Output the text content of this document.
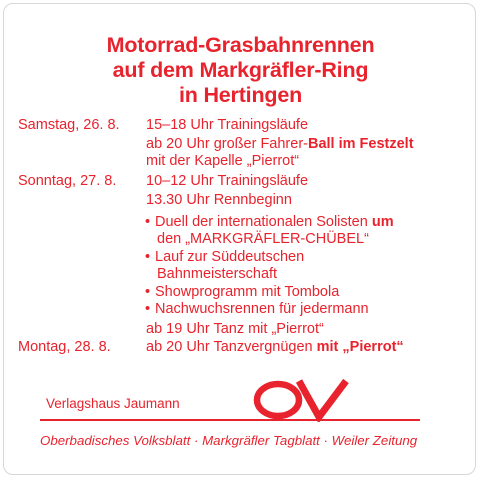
Motorrad-Grasbahnrennen
auf dem Markgräfler-Ring
in Hertingen
Samstag, 26. 8. 15–18 Uhr Trainingsläufe
ab 20 Uhr großer Fahrer-Ball im Festzelt
mit der Kapelle „Pierrot“
Sonntag, 27. 8. 10–12 Uhr Trainingsläufe
13.30 Uhr Rennbeginn
• Duell der internationalen Solisten um
den „MARKGRÄFLER-CHÜBEL“
• Lauf zur Süddeutschen
Bahnmeisterschaft
• Showprogramm mit Tombola
• Nachwuchsrennen für jedermann
ab 19 Uhr Tanz mit „Pierrot“
Montag, 28. 8. ab 20 Uhr Tanzvergnügen mit „Pierrot“
Verlagshaus Jaumann
Oberbadisches Volksblatt · Markgräfler Tagblatt · Weiler Zeitung
